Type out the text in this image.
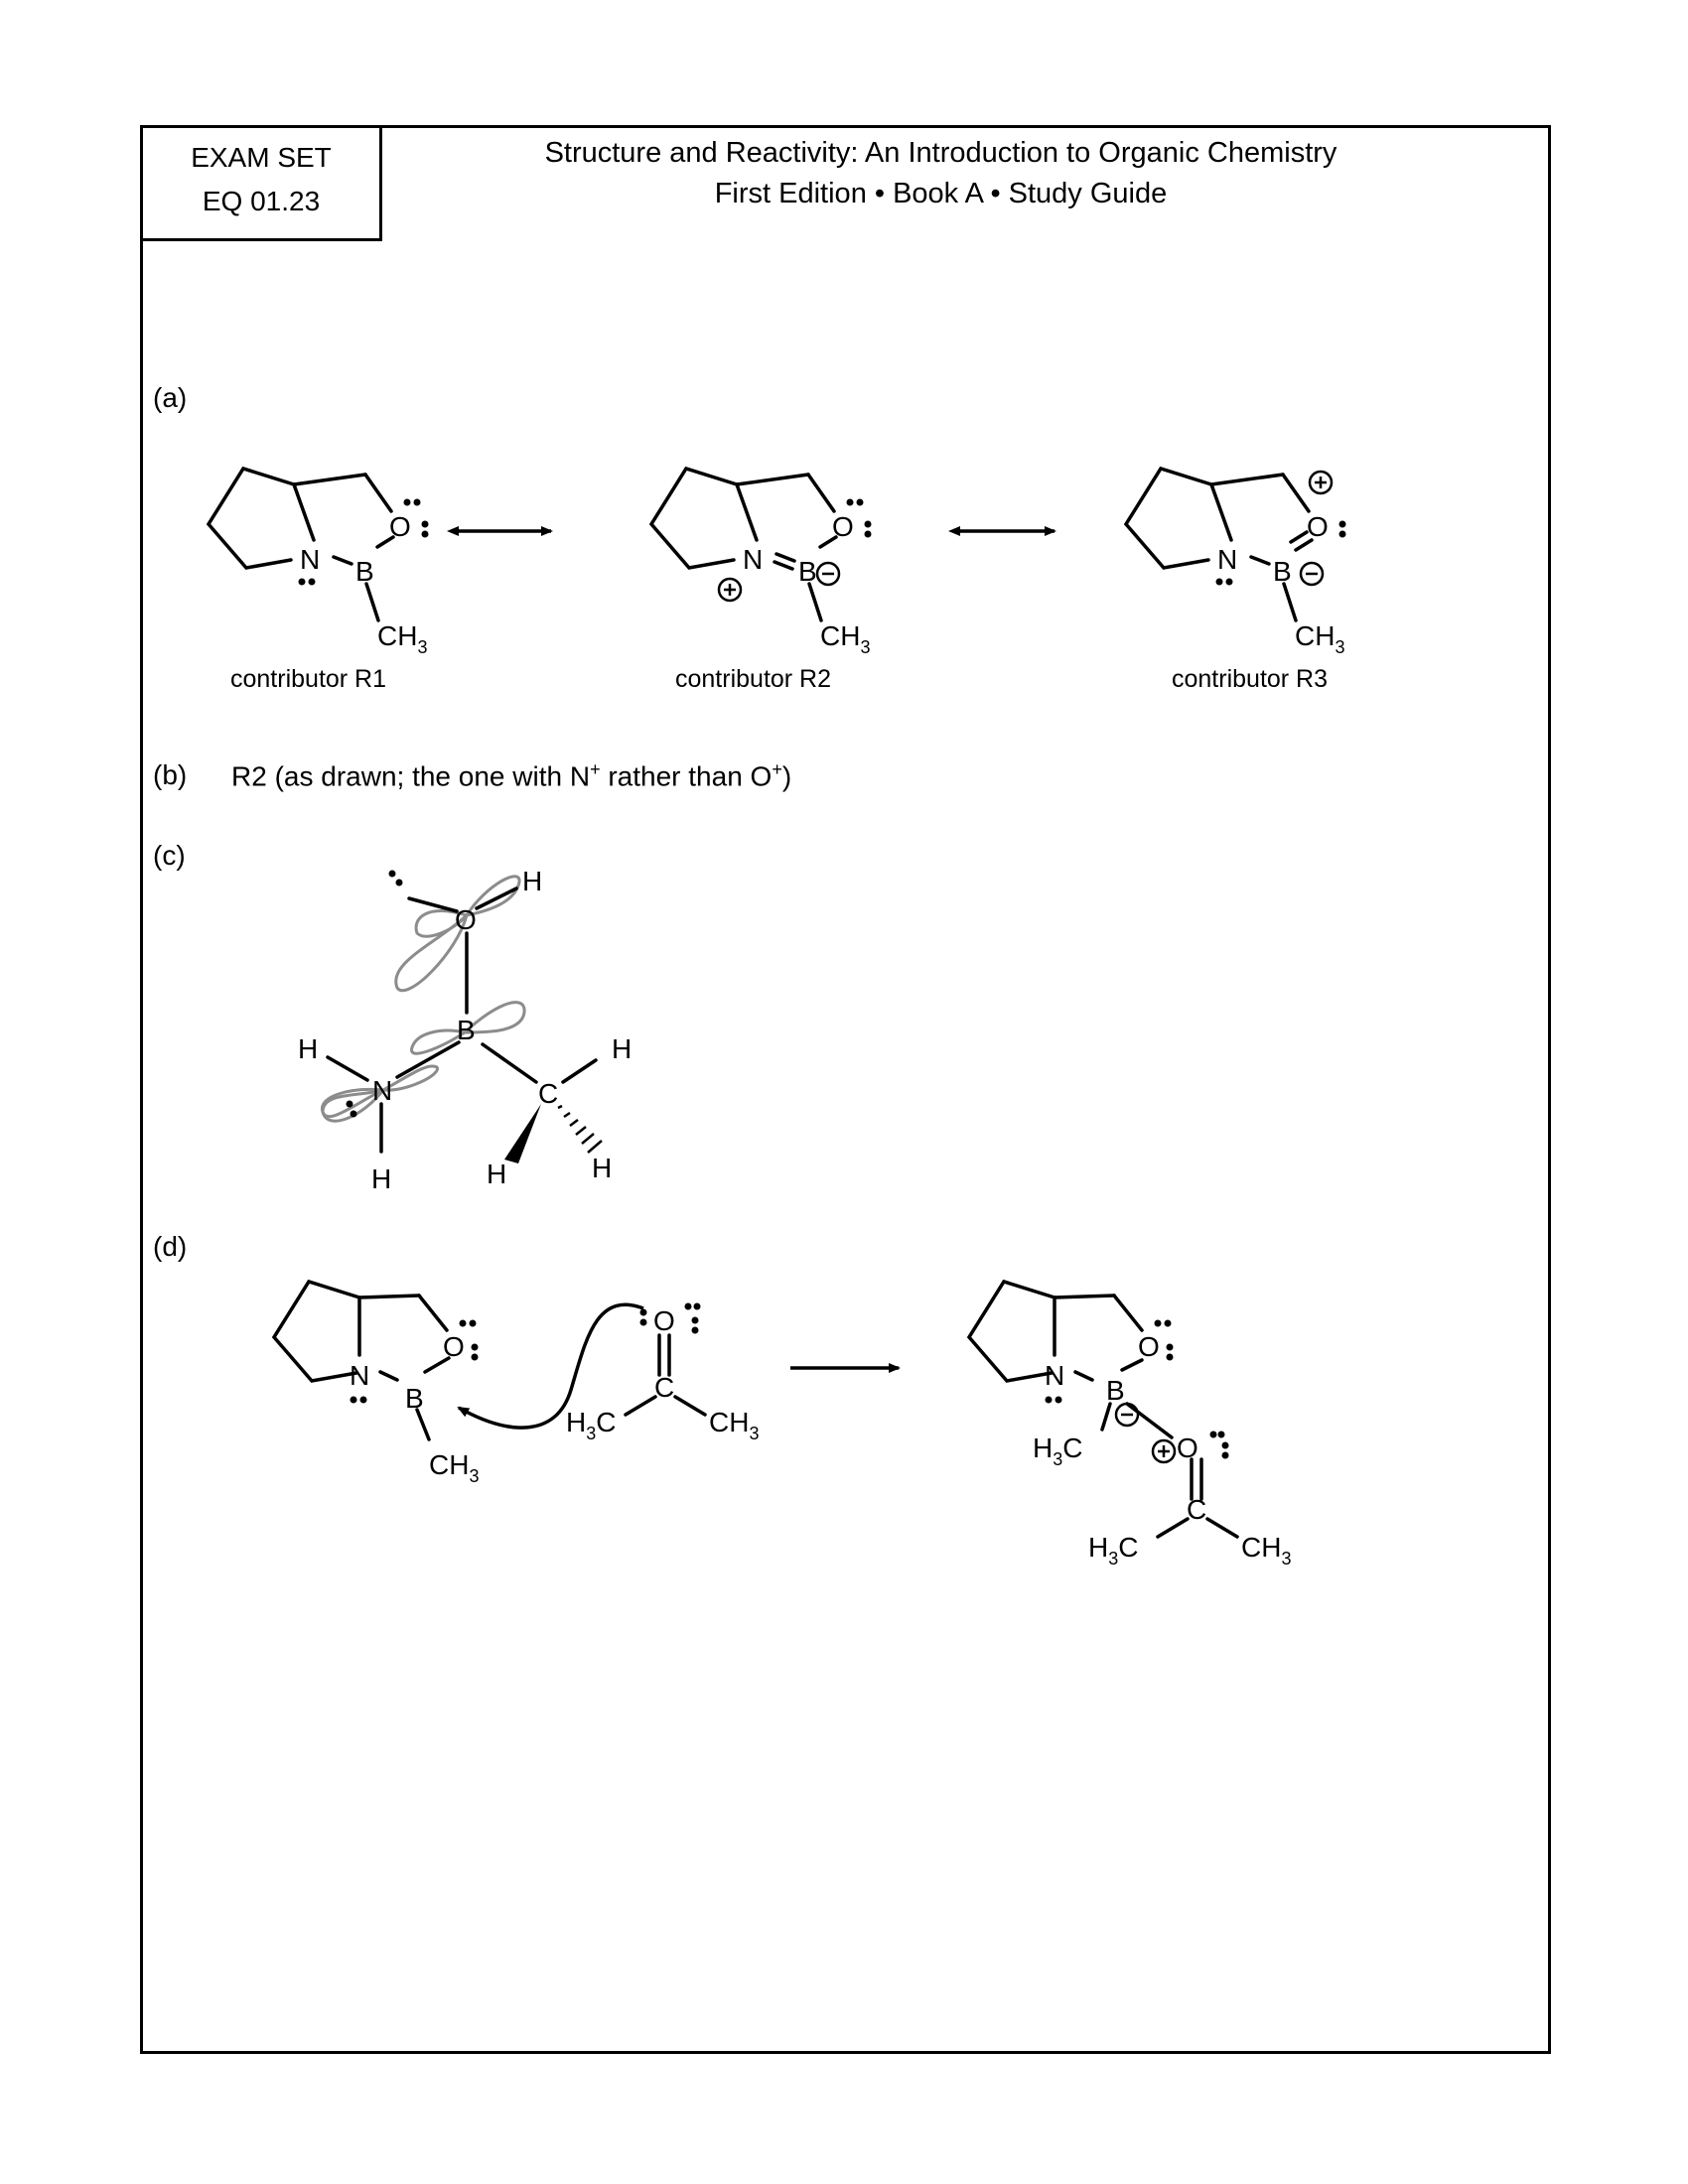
EXAM SET
EQ 01.23
Structure and Reactivity: An Introduction to Organic Chemistry
First Edition • Book A • Study Guide
(a)
(b)
(c)
(d)
R2 (as drawn; the one with N+ rather than O+)
N B
O
$CH_3$
N B
O
$CH_3$
N B
O
$CH_3$
contributor R1	contributor R2	contributor R3
O
H
B
N
H
H
C
H
H	H
N
B
O
$CH_3$
O
C
$H_3C$	$CH_3$
N B
O
O
C
$H_3C$
$H_3C$	$CH_3$
